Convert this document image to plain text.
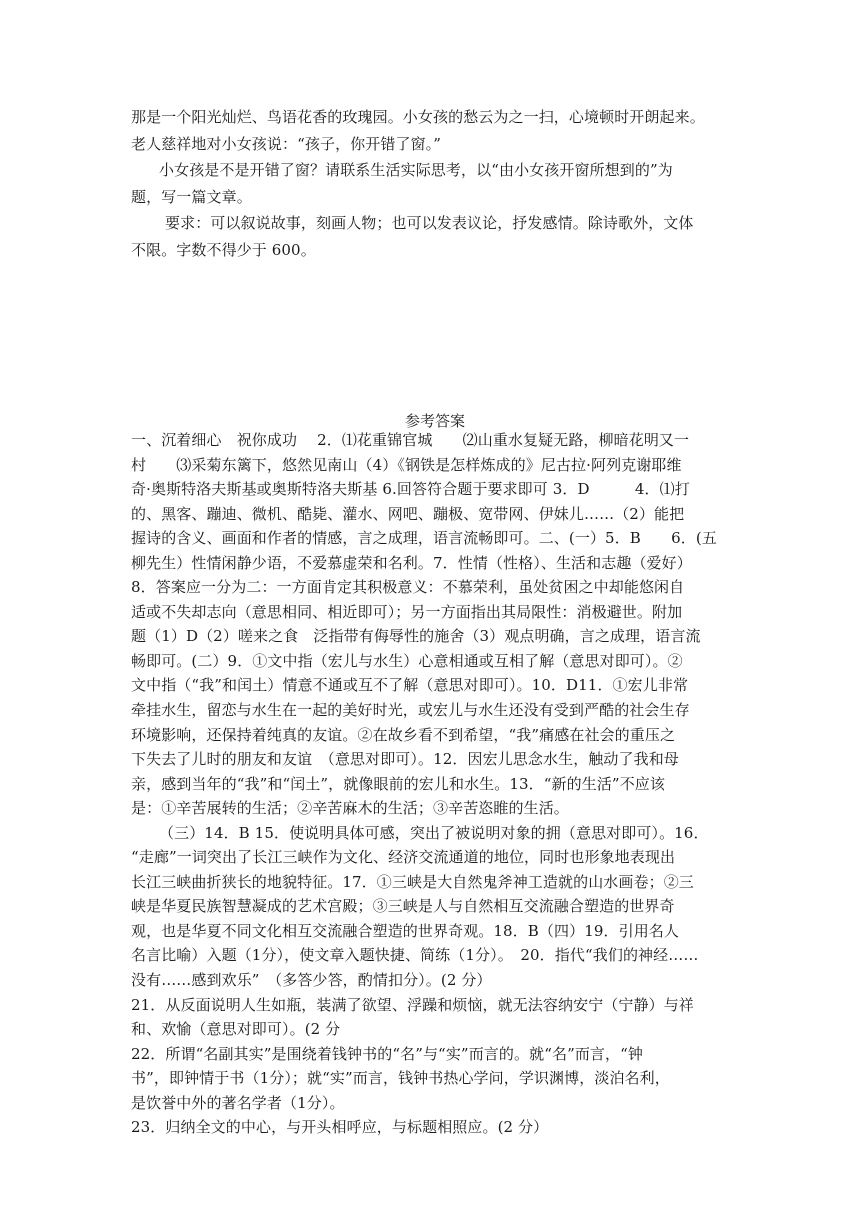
那是一个阳光灿烂、鸟语花香的玫瑰园。小女孩的愁云为之一扫，心境顿时开朗起来。
老人慈祥地对小女孩说：“孩子，你开错了窗。”
小女孩是不是开错了窗？请联系生活实际思考，以“由小女孩开窗所想到的”为
题，写一篇文章。
要求：可以叙说故事，刻画人物；也可以发表议论，抒发感情。除诗歌外，文体
不限。字数不得少于 600。
参考答案
一、沉着细心　祝你成功　 2．⑴花重锦官城　　⑵山重水复疑无路，柳暗花明又一
村　　⑶采菊东篱下，悠然见南山（4）《钢铁是怎样炼成的》尼古拉·阿列克谢耶维
奇·奥斯特洛夫斯基或奥斯特洛夫斯基 6.回答符合题于要求即可 3．D　　　4．⑴打
的、黑客、蹦迪、微机、酷毙、灌水、网吧、蹦极、宽带网、伊妹儿……（2）能把
握诗的含义、画面和作者的情感，言之成理，语言流畅即可。二、(一）5．B　　6．(五
柳先生）性情闲静少语，不爱慕虚荣和名利。7．性情（性格）、生活和志趣（爱好）
8．答案应一分为二：一方面肯定其积极意义：不慕荣利，虽处贫困之中却能悠闲自
适或不失却志向（意思相同、相近即可）；另一方面指出其局限性：消极避世。附加
题（1）D（2）嗟来之食　泛指带有侮辱性的施舍（3）观点明确，言之成理，语言流
畅即可。(二）9．①文中指（宏儿与水生）心意相通或互相了解（意思对即可）。②
文中指（“我”和闰土）情意不通或互不了解（意思对即可）。10．D11．①宏儿非常
牵挂水生，留恋与水生在一起的美好时光，或宏儿与水生还没有受到严酷的社会生存
环境影响，还保持着纯真的友谊。②在故乡看不到希望，“我”痛感在社会的重压之
下失去了儿时的朋友和友谊　（意思对即可）。12．因宏儿思念水生，触动了我和母
亲，感到当年的“我”和“闰土”，就像眼前的宏儿和水生。13．“新的生活”不应该
是：①辛苦展转的生活；②辛苦麻木的生活；③辛苦恣睢的生活。
（三）14．B 15．使说明具体可感，突出了被说明对象的拥（意思对即可）。16．
“走廊”一词突出了长江三峡作为文化、经济交流通道的地位，同时也形象地表现出
长江三峡曲折狭长的地貌特征。17．①三峡是大自然鬼斧神工造就的山水画卷；②三
峡是华夏民族智慧凝成的艺术宫殿；③三峡是人与自然相互交流融合塑造的世界奇
观，也是华夏不同文化相互交流融合塑造的世界奇观。18．B（四）19．引用名人
名言比喻）入题（1分），使文章入题快捷、简练（1分）。　20．指代“我们的神经……
没有……感到欢乐”　（多答少答，酌情扣分）。(2 分）
21．从反面说明人生如瓶，装满了欲望、浮躁和烦恼，就无法容纳安宁（宁静）与祥
和、欢愉（意思对即可）。(2 分
22．所谓“名副其实”是围绕着钱钟书的“名”与“实”而言的。就“名”而言，“钟
书”，即钟情于书（1分）；就“实”而言，钱钟书热心学问，学识渊博，淡泊名利，
是饮誉中外的著名学者（1分）。
23．归纳全文的中心，与开头相呼应，与标题相照应。(2 分）
